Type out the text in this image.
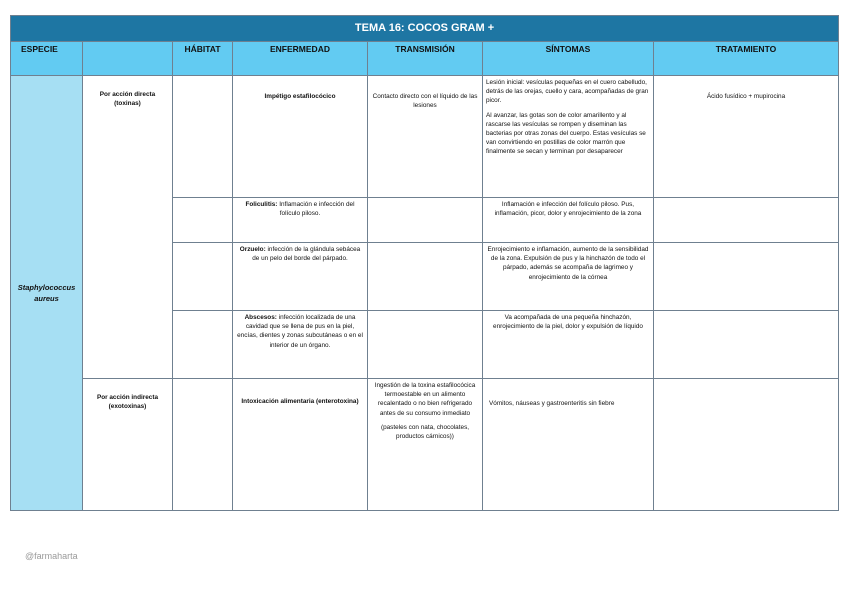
TEMA 16: COCOS GRAM +						
ESPECIE		HÁBITAT	ENFERMEDAD	TRANSMISIÓN	SÍNTOMAS	TRATAMIENTO
Staphylococcus aureus	Por acción directa (toxinas)		Impétigo estafilocócico	Contacto directo con el líquido de las lesiones	Lesión inicial: vesículas pequeñas en el cuero cabelludo, detrás de las orejas, cuello y cara, acompañadas de gran picor.

Al avanzar, las gotas son de color amarillento y al rascarse las vesículas se rompen y diseminan las bacterias por otras zonas del cuerpo. Estas vesículas se van convirtiendo en postillas de color marrón que finalmente se secan y terminan por desaparecer	Ácido fusídico + mupirocina
			Foliculitis: Inflamación e infección del folículo piloso.		Inflamación e infección del folículo piloso. Pus, inflamación, picor, dolor y enrojecimiento de la zona	
			Orzuelo: infección de la glándula sebácea de un pelo del borde del párpado.		Enrojecimiento e inflamación, aumento de la sensibilidad de la zona. Expulsión de pus y la hinchazón de todo el párpado, además se acompaña de lagrimeo y enrojecimiento de la córnea	
			Abscesos: infección localizada de una cavidad que se llena de pus en la piel, encías, dientes y zonas subcutáneas o en el interior de un órgano.		Va acompañada de una pequeña hinchazón, enrojecimiento de la piel, dolor y expulsión de líquido	
	Por acción indirecta (exotoxinas)		Intoxicación alimentaria (enterotoxina)	Ingestión de la toxina estafilocócica termoestable en un alimento recalentado o no bien refrigerado antes de su consumo inmediato

(pasteles con nata, chocolates, productos cárnicos))	Vómitos, náuseas y gastroenteritis sin fiebre	
@farmaharta
